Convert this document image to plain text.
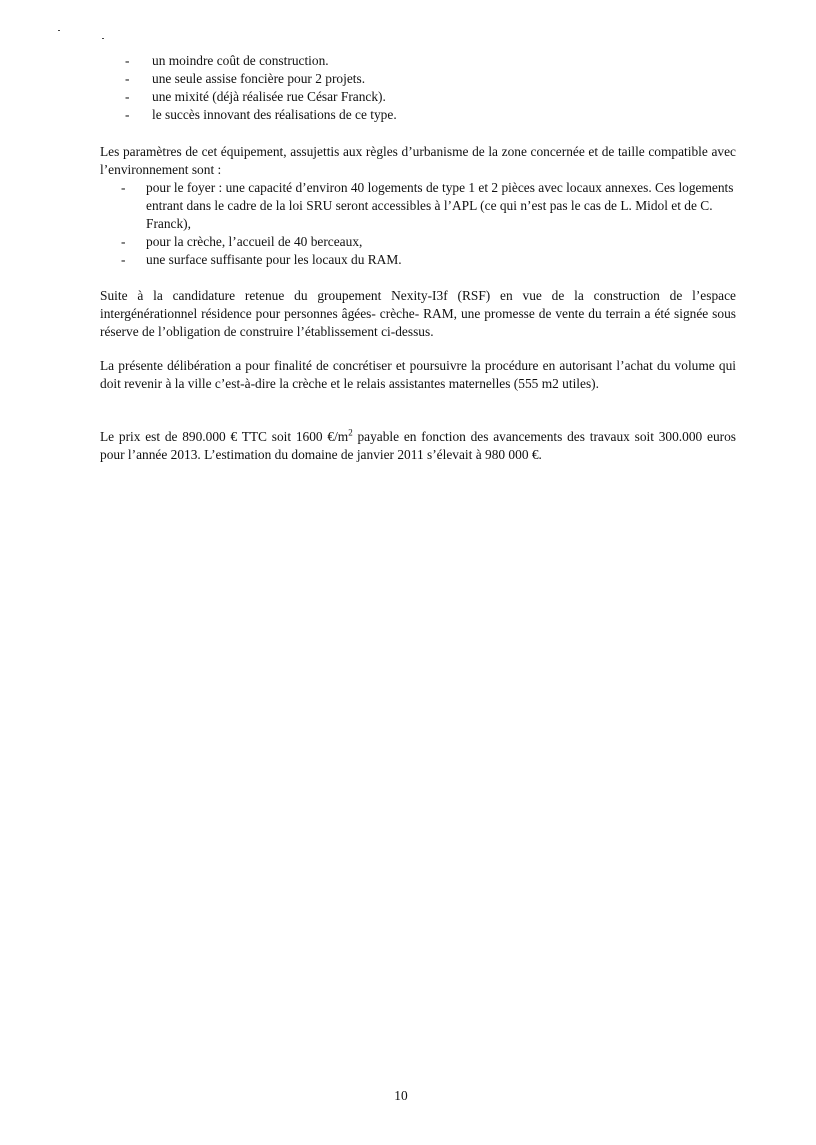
- un moindre coût de construction.
- une seule assise foncière pour 2 projets.
- une mixité (déjà réalisée rue César Franck).
- le succès innovant des réalisations de ce type.

Les paramètres de cet équipement, assujettis aux règles d’urbanisme de la zone concernée et de taille compatible avec l’environnement sont :

- pour le foyer : une capacité d’environ 40 logements de type 1 et 2 pièces avec locaux annexes. Ces logements entrant dans le cadre de la loi SRU seront accessibles à l’APL (ce qui n’est pas le cas de L. Midol et de C. Franck),
- pour la crèche, l’accueil de 40 berceaux,
- une surface suffisante pour les locaux du RAM.

Suite à la candidature retenue du groupement Nexity-I3f (RSF) en vue de la construction de l’espace intergénérationnel résidence pour personnes âgées- crèche- RAM, une promesse de vente du terrain a été signée sous réserve de l’obligation de construire l’établissement ci-dessus.

La présente délibération a pour finalité de concrétiser et poursuivre la procédure en autorisant l’achat du volume qui doit revenir à la ville c’est-à-dire la crèche et le relais assistantes maternelles (555 m2 utiles).

Le prix est de 890.000 € TTC soit 1600 $€/m^2$ payable en fonction des avancements des travaux soit 300.000 euros pour l’année 2013. L’estimation du domaine de janvier 2011 s’élevait à 980 000 €.

10
